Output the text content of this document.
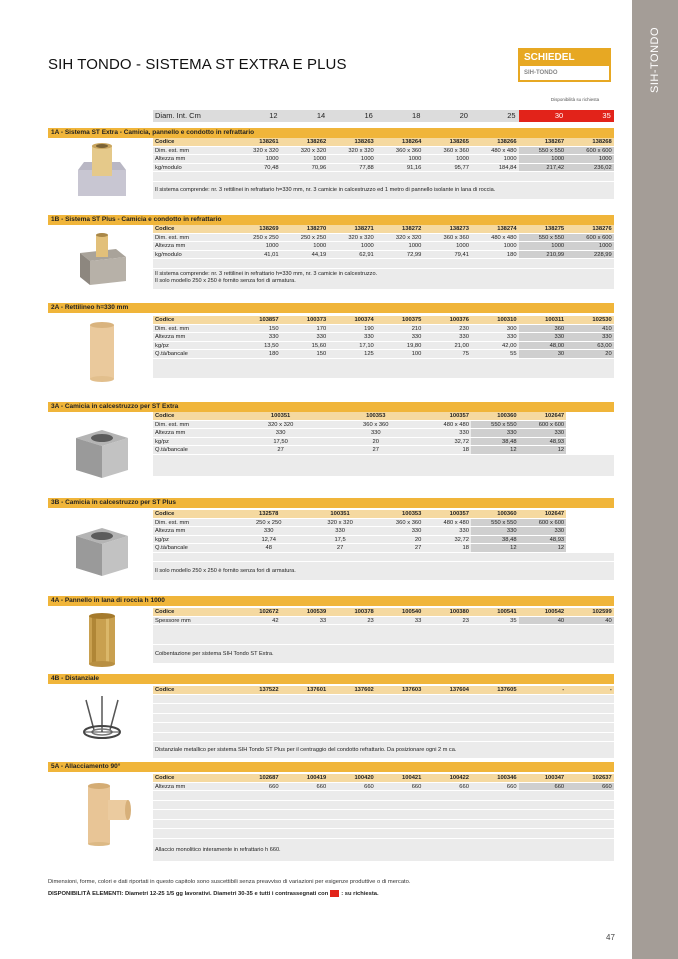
SIH-TONDO
SIH TONDO - SISTEMA ST EXTRA E PLUS	SCHIEDEL
SIH-TONDO
Disponibilità su richiesta
Diam. Int. Cm	12	14	16	18	20	25	30	35
1A - Sistema ST Extra - Camicia, pannello e condotto in refrattario
Codice	138261	138262	138263	138264	138265	138266	138267	138268
Dim. est. mm	320 x 320	320 x 320	320 x 320	360 x 360	360 x 360	480 x 480	550 x 550	600 x 600
Altezza mm	1000	1000	1000	1000	1000	1000	1000	1000
kg/modulo	70,48	70,96	77,88	91,16	95,77	184,84	217,42	236,02
Il sistema comprende: nr. 3 rettilinei in refrattario h=330 mm, nr. 3 camicie in calcestruzzo ed 1 metro di pannello isolante in lana di roccia.
1B - Sistema ST Plus - Camicia e condotto in refrattario
Codice	138269	138270	138271	138272	138273	138274	138275	138276
Dim. est. mm	250 x 250	250 x 250	320 x 320	320 x 320	360 x 360	480 x 480	550 x 550	600 x 600
Altezza mm	1000	1000	1000	1000	1000	1000	1000	1000
kg/modulo	41,01	44,19	62,91	72,99	79,41	180	210,99	228,99
Il sistema comprende: nr. 3 rettilinei in refrattario h=330 mm, nr. 3 camicie in calcestruzzo.
Il solo modello 250 x 250 è fornito senza fori di armatura.
2A - Rettilineo h=330 mm
Codice	103857	100373	100374	100375	100376	100310	100311	102530
Dim. est. mm	150	170	190	210	230	300	360	410
Altezza mm	330	330	330	330	330	330	330	330
kg/pz	13,50	15,60	17,10	19,80	21,00	42,00	48,00	63,00
Q.tà/bancale	180	150	125	100	75	55	30	20
3A - Camicia in calcestruzzo per ST Extra
Codice	100351	100353	100357	100360	102647
Dim. est. mm	320 x 320	360 x 360	480 x 480	550 x 550	600 x 600
Altezza mm	330	330	330	330	330
kg/pz	17,50	20	32,72	38,48	48,93
Q.tà/bancale	27	27	18	12	12
3B - Camicia in calcestruzzo per ST Plus
Codice	132578	100351	100353	100357	100360	102647
Dim. est. mm	250 x 250	320 x 320	360 x 360	480 x 480	550 x 550	600 x 600
Altezza mm	330	330	330	330	330	330
kg/pz	12,74	17,5	20	32,72	38,48	48,93
Q.tà/bancale	48	27	27	18	12	12
Il solo modello 250 x 250 è fornito senza fori di armatura.
4A - Pannello in lana di roccia h 1000
Codice	102672	100539	100378	100540	100380	100541	100542	102599
Spessore mm	42	33	23	33	23	35	40	40
Coibentazione per sistema SIH Tondo ST Extra.
4B - Distanziale
Codice	137522	137601	137602	137603	137604	137605	-	-
Distanziale metallico per sistema SIH Tondo ST Plus per il centraggio del condotto refrattario. Da posizionare ogni 2 m ca.
5A - Allacciamento 90°
Codice	102687	100419	100420	100421	100422	100346	100347	102637
Altezza mm	660	660	660	660	660	660	660	660
Allaccio monolitico interamente in refrattario h 660.
Dimensioni, forme, colori e dati riportati in questo capitolo sono suscettibili senza preavviso di variazioni per esigenze produttive o di mercato.
DISPONIBILITÀ ELEMENTI: Diametri 12-25 1/5 gg lavorativi. Diametri 30-35 e tutti i contrassegnati con : su richiesta.
47
